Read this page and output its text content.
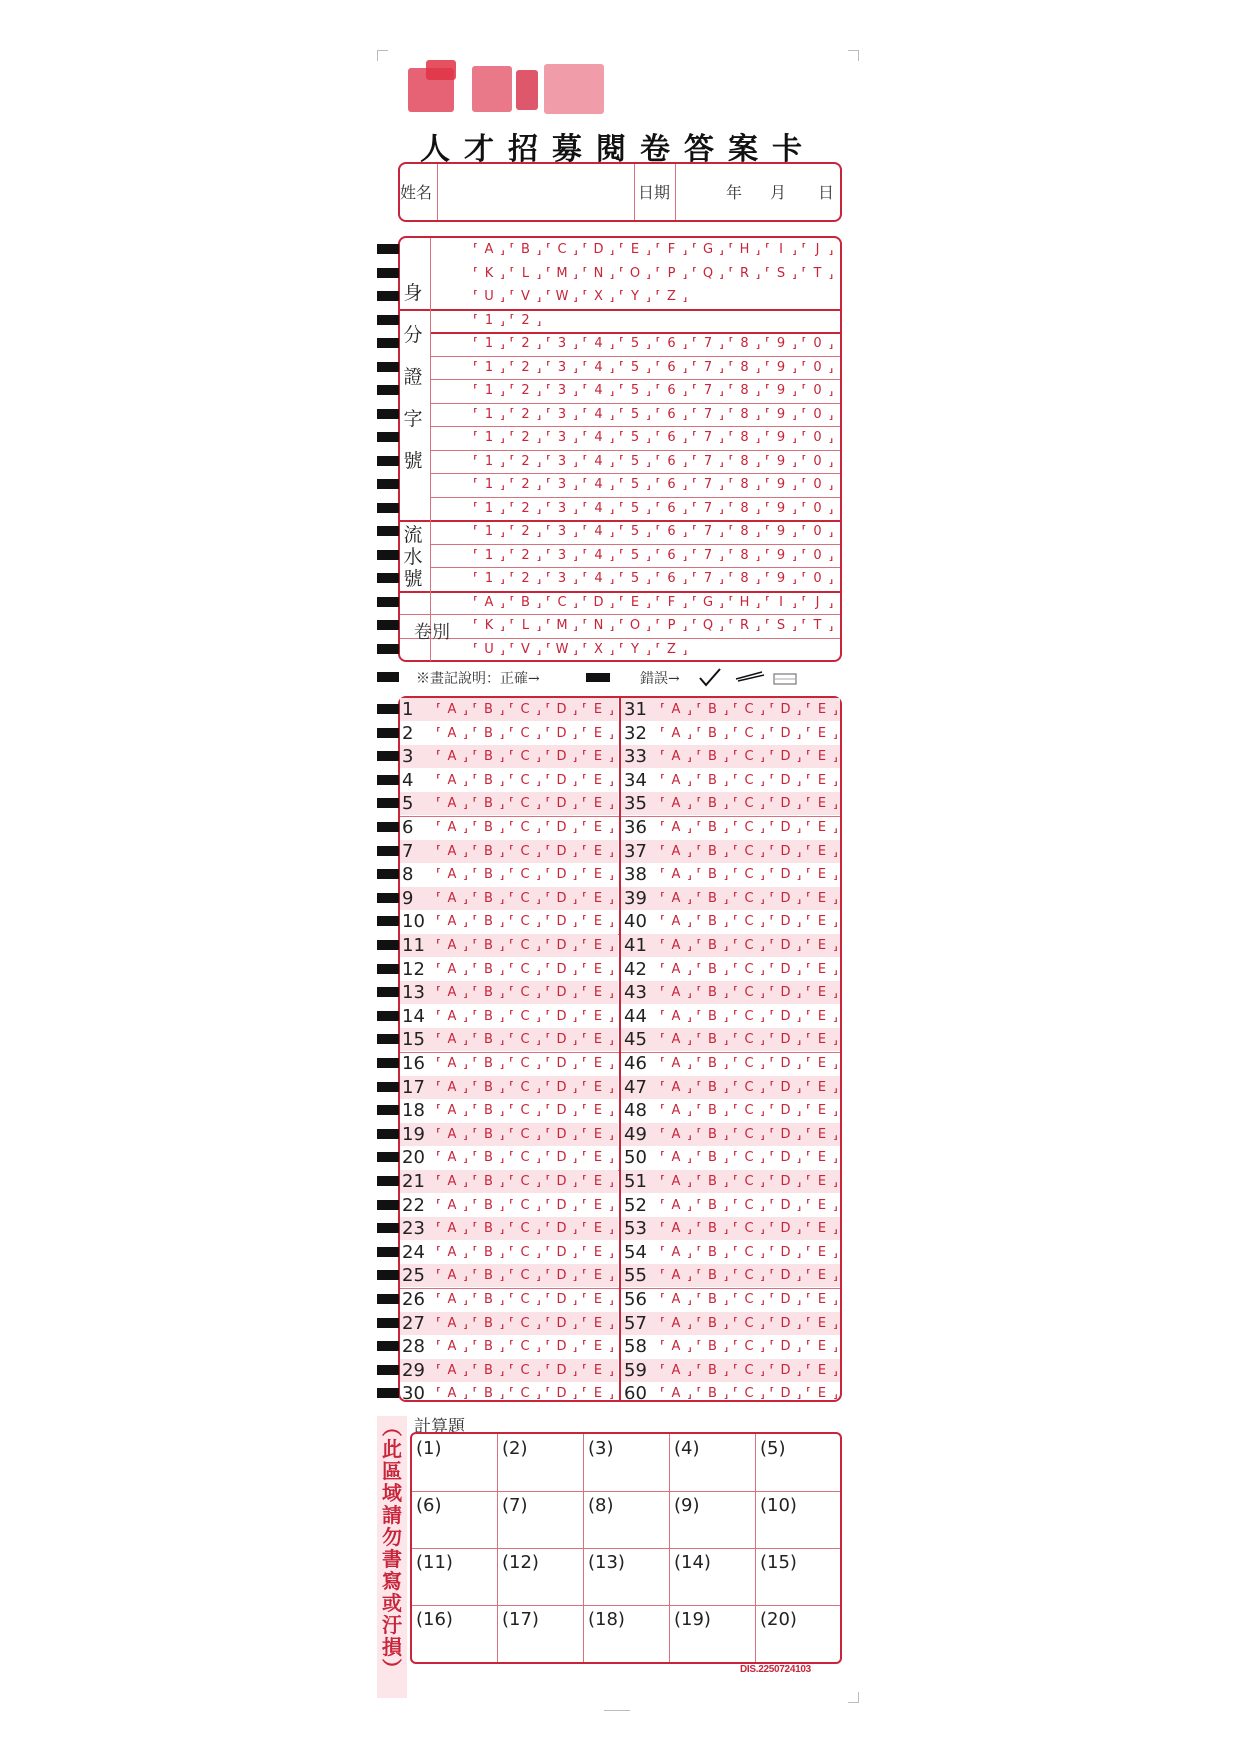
人才招募閱卷答案卡
姓名	日期	年 月 日
※畫記說明：正確→	錯誤→
計算題
︵
此
區
域
請
勿
書
寫
或
汙
損
︶	DIS.2250724103
⸢ A ⸥	⸢ B ⸥	⸢ C ⸥	⸢ D ⸥	⸢ E ⸥	⸢ F ⸥	⸢ G ⸥	⸢ H ⸥	⸢ I ⸥	⸢ J ⸥
⸢ K ⸥	⸢ L ⸥	⸢ M ⸥	⸢ N ⸥	⸢ O ⸥	⸢ P ⸥	⸢ Q ⸥	⸢ R ⸥	⸢ S ⸥	⸢ T ⸥
⸢ U ⸥	⸢ V ⸥	⸢ W ⸥	⸢ X ⸥	⸢ Y ⸥	⸢ Z ⸥
⸢ 1 ⸥	⸢ 2 ⸥
⸢ 1 ⸥	⸢ 2 ⸥	⸢ 3 ⸥	⸢ 4 ⸥	⸢ 5 ⸥	⸢ 6 ⸥	⸢ 7 ⸥	⸢ 8 ⸥	⸢ 9 ⸥	⸢ 0 ⸥
⸢ 1 ⸥	⸢ 2 ⸥	⸢ 3 ⸥	⸢ 4 ⸥	⸢ 5 ⸥	⸢ 6 ⸥	⸢ 7 ⸥	⸢ 8 ⸥	⸢ 9 ⸥	⸢ 0 ⸥
⸢ 1 ⸥	⸢ 2 ⸥	⸢ 3 ⸥	⸢ 4 ⸥	⸢ 5 ⸥	⸢ 6 ⸥	⸢ 7 ⸥	⸢ 8 ⸥	⸢ 9 ⸥	⸢ 0 ⸥
⸢ 1 ⸥	⸢ 2 ⸥	⸢ 3 ⸥	⸢ 4 ⸥	⸢ 5 ⸥	⸢ 6 ⸥	⸢ 7 ⸥	⸢ 8 ⸥	⸢ 9 ⸥	⸢ 0 ⸥
⸢ 1 ⸥	⸢ 2 ⸥	⸢ 3 ⸥	⸢ 4 ⸥	⸢ 5 ⸥	⸢ 6 ⸥	⸢ 7 ⸥	⸢ 8 ⸥	⸢ 9 ⸥	⸢ 0 ⸥
⸢ 1 ⸥	⸢ 2 ⸥	⸢ 3 ⸥	⸢ 4 ⸥	⸢ 5 ⸥	⸢ 6 ⸥	⸢ 7 ⸥	⸢ 8 ⸥	⸢ 9 ⸥	⸢ 0 ⸥
⸢ 1 ⸥	⸢ 2 ⸥	⸢ 3 ⸥	⸢ 4 ⸥	⸢ 5 ⸥	⸢ 6 ⸥	⸢ 7 ⸥	⸢ 8 ⸥	⸢ 9 ⸥	⸢ 0 ⸥
⸢ 1 ⸥	⸢ 2 ⸥	⸢ 3 ⸥	⸢ 4 ⸥	⸢ 5 ⸥	⸢ 6 ⸥	⸢ 7 ⸥	⸢ 8 ⸥	⸢ 9 ⸥	⸢ 0 ⸥
⸢ 1 ⸥	⸢ 2 ⸥	⸢ 3 ⸥	⸢ 4 ⸥	⸢ 5 ⸥	⸢ 6 ⸥	⸢ 7 ⸥	⸢ 8 ⸥	⸢ 9 ⸥	⸢ 0 ⸥
⸢ 1 ⸥	⸢ 2 ⸥	⸢ 3 ⸥	⸢ 4 ⸥	⸢ 5 ⸥	⸢ 6 ⸥	⸢ 7 ⸥	⸢ 8 ⸥	⸢ 9 ⸥	⸢ 0 ⸥
⸢ 1 ⸥	⸢ 2 ⸥	⸢ 3 ⸥	⸢ 4 ⸥	⸢ 5 ⸥	⸢ 6 ⸥	⸢ 7 ⸥	⸢ 8 ⸥	⸢ 9 ⸥	⸢ 0 ⸥
⸢ A ⸥	⸢ B ⸥	⸢ C ⸥	⸢ D ⸥	⸢ E ⸥	⸢ F ⸥	⸢ G ⸥	⸢ H ⸥	⸢ I ⸥	⸢ J ⸥
⸢ K ⸥	⸢ L ⸥	⸢ M ⸥	⸢ N ⸥	⸢ O ⸥	⸢ P ⸥	⸢ Q ⸥	⸢ R ⸥	⸢ S ⸥	⸢ T ⸥
⸢ U ⸥	⸢ V ⸥	⸢ W ⸥	⸢ X ⸥	⸢ Y ⸥	⸢ Z ⸥
身
分
證
字
號
流
水
號
卷別
1	⸢ A ⸥	⸢ B ⸥	⸢ C ⸥	⸢ D ⸥	⸢ E ⸥	31	⸢ A ⸥	⸢ B ⸥	⸢ C ⸥	⸢ D ⸥	⸢ E ⸥
2	⸢ A ⸥	⸢ B ⸥	⸢ C ⸥	⸢ D ⸥	⸢ E ⸥	32	⸢ A ⸥	⸢ B ⸥	⸢ C ⸥	⸢ D ⸥	⸢ E ⸥
3	⸢ A ⸥	⸢ B ⸥	⸢ C ⸥	⸢ D ⸥	⸢ E ⸥	33	⸢ A ⸥	⸢ B ⸥	⸢ C ⸥	⸢ D ⸥	⸢ E ⸥
4	⸢ A ⸥	⸢ B ⸥	⸢ C ⸥	⸢ D ⸥	⸢ E ⸥	34	⸢ A ⸥	⸢ B ⸥	⸢ C ⸥	⸢ D ⸥	⸢ E ⸥
5	⸢ A ⸥	⸢ B ⸥	⸢ C ⸥	⸢ D ⸥	⸢ E ⸥	35	⸢ A ⸥	⸢ B ⸥	⸢ C ⸥	⸢ D ⸥	⸢ E ⸥
6	⸢ A ⸥	⸢ B ⸥	⸢ C ⸥	⸢ D ⸥	⸢ E ⸥	36	⸢ A ⸥	⸢ B ⸥	⸢ C ⸥	⸢ D ⸥	⸢ E ⸥
7	⸢ A ⸥	⸢ B ⸥	⸢ C ⸥	⸢ D ⸥	⸢ E ⸥	37	⸢ A ⸥	⸢ B ⸥	⸢ C ⸥	⸢ D ⸥	⸢ E ⸥
8	⸢ A ⸥	⸢ B ⸥	⸢ C ⸥	⸢ D ⸥	⸢ E ⸥	38	⸢ A ⸥	⸢ B ⸥	⸢ C ⸥	⸢ D ⸥	⸢ E ⸥
9	⸢ A ⸥	⸢ B ⸥	⸢ C ⸥	⸢ D ⸥	⸢ E ⸥	39	⸢ A ⸥	⸢ B ⸥	⸢ C ⸥	⸢ D ⸥	⸢ E ⸥
10	⸢ A ⸥	⸢ B ⸥	⸢ C ⸥	⸢ D ⸥	⸢ E ⸥	40	⸢ A ⸥	⸢ B ⸥	⸢ C ⸥	⸢ D ⸥	⸢ E ⸥
11	⸢ A ⸥	⸢ B ⸥	⸢ C ⸥	⸢ D ⸥	⸢ E ⸥	41	⸢ A ⸥	⸢ B ⸥	⸢ C ⸥	⸢ D ⸥	⸢ E ⸥
12	⸢ A ⸥	⸢ B ⸥	⸢ C ⸥	⸢ D ⸥	⸢ E ⸥	42	⸢ A ⸥	⸢ B ⸥	⸢ C ⸥	⸢ D ⸥	⸢ E ⸥
13	⸢ A ⸥	⸢ B ⸥	⸢ C ⸥	⸢ D ⸥	⸢ E ⸥	43	⸢ A ⸥	⸢ B ⸥	⸢ C ⸥	⸢ D ⸥	⸢ E ⸥
14	⸢ A ⸥	⸢ B ⸥	⸢ C ⸥	⸢ D ⸥	⸢ E ⸥	44	⸢ A ⸥	⸢ B ⸥	⸢ C ⸥	⸢ D ⸥	⸢ E ⸥
15	⸢ A ⸥	⸢ B ⸥	⸢ C ⸥	⸢ D ⸥	⸢ E ⸥	45	⸢ A ⸥	⸢ B ⸥	⸢ C ⸥	⸢ D ⸥	⸢ E ⸥
16	⸢ A ⸥	⸢ B ⸥	⸢ C ⸥	⸢ D ⸥	⸢ E ⸥	46	⸢ A ⸥	⸢ B ⸥	⸢ C ⸥	⸢ D ⸥	⸢ E ⸥
17	⸢ A ⸥	⸢ B ⸥	⸢ C ⸥	⸢ D ⸥	⸢ E ⸥	47	⸢ A ⸥	⸢ B ⸥	⸢ C ⸥	⸢ D ⸥	⸢ E ⸥
18	⸢ A ⸥	⸢ B ⸥	⸢ C ⸥	⸢ D ⸥	⸢ E ⸥	48	⸢ A ⸥	⸢ B ⸥	⸢ C ⸥	⸢ D ⸥	⸢ E ⸥
19	⸢ A ⸥	⸢ B ⸥	⸢ C ⸥	⸢ D ⸥	⸢ E ⸥	49	⸢ A ⸥	⸢ B ⸥	⸢ C ⸥	⸢ D ⸥	⸢ E ⸥
20	⸢ A ⸥	⸢ B ⸥	⸢ C ⸥	⸢ D ⸥	⸢ E ⸥	50	⸢ A ⸥	⸢ B ⸥	⸢ C ⸥	⸢ D ⸥	⸢ E ⸥
21	⸢ A ⸥	⸢ B ⸥	⸢ C ⸥	⸢ D ⸥	⸢ E ⸥	51	⸢ A ⸥	⸢ B ⸥	⸢ C ⸥	⸢ D ⸥	⸢ E ⸥
22	⸢ A ⸥	⸢ B ⸥	⸢ C ⸥	⸢ D ⸥	⸢ E ⸥	52	⸢ A ⸥	⸢ B ⸥	⸢ C ⸥	⸢ D ⸥	⸢ E ⸥
23	⸢ A ⸥	⸢ B ⸥	⸢ C ⸥	⸢ D ⸥	⸢ E ⸥	53	⸢ A ⸥	⸢ B ⸥	⸢ C ⸥	⸢ D ⸥	⸢ E ⸥
24	⸢ A ⸥	⸢ B ⸥	⸢ C ⸥	⸢ D ⸥	⸢ E ⸥	54	⸢ A ⸥	⸢ B ⸥	⸢ C ⸥	⸢ D ⸥	⸢ E ⸥
25	⸢ A ⸥	⸢ B ⸥	⸢ C ⸥	⸢ D ⸥	⸢ E ⸥	55	⸢ A ⸥	⸢ B ⸥	⸢ C ⸥	⸢ D ⸥	⸢ E ⸥
26	⸢ A ⸥	⸢ B ⸥	⸢ C ⸥	⸢ D ⸥	⸢ E ⸥	56	⸢ A ⸥	⸢ B ⸥	⸢ C ⸥	⸢ D ⸥	⸢ E ⸥
27	⸢ A ⸥	⸢ B ⸥	⸢ C ⸥	⸢ D ⸥	⸢ E ⸥	57	⸢ A ⸥	⸢ B ⸥	⸢ C ⸥	⸢ D ⸥	⸢ E ⸥
28	⸢ A ⸥	⸢ B ⸥	⸢ C ⸥	⸢ D ⸥	⸢ E ⸥	58	⸢ A ⸥	⸢ B ⸥	⸢ C ⸥	⸢ D ⸥	⸢ E ⸥
29	⸢ A ⸥	⸢ B ⸥	⸢ C ⸥	⸢ D ⸥	⸢ E ⸥	59	⸢ A ⸥	⸢ B ⸥	⸢ C ⸥	⸢ D ⸥	⸢ E ⸥
30	⸢ A ⸥	⸢ B ⸥	⸢ C ⸥	⸢ D ⸥	⸢ E ⸥	60	⸢ A ⸥	⸢ B ⸥	⸢ C ⸥	⸢ D ⸥	⸢ E ⸥
(1)	(2)	(3)	(4)	(5)
(6)	(7)	(8)	(9)	(10)
(11)	(12)	(13)	(14)	(15)
(16)	(17)	(18)	(19)	(20)
